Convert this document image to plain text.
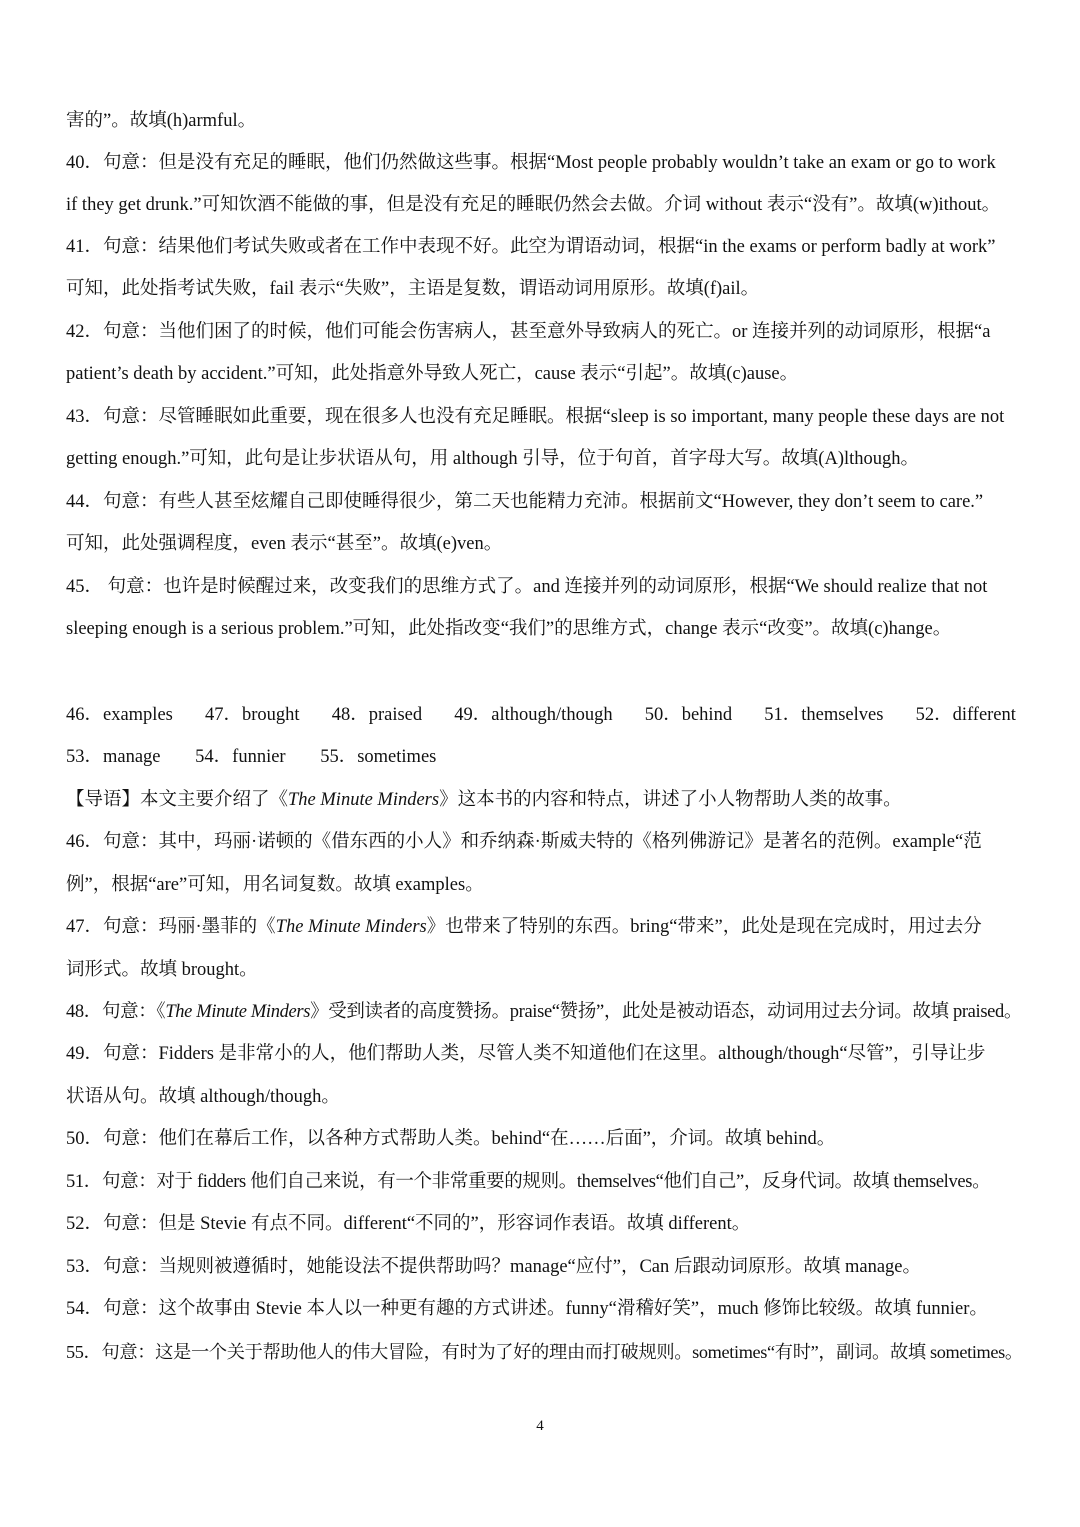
害的”。故填(h)armful。
40．句意：但是没有充足的睡眠，他们仍然做这些事。根据“Most people probably wouldn’t take an exam or go to work
if they get drunk.”可知饮酒不能做的事，但是没有充足的睡眠仍然会去做。介词 without 表示“没有”。故填(w)ithout。
41．句意：结果他们考试失败或者在工作中表现不好。此空为谓语动词，根据“in the exams or perform badly at work”
可知，此处指考试失败，fail 表示“失败”，主语是复数，谓语动词用原形。故填(f)ail。
42．句意：当他们困了的时候，他们可能会伤害病人，甚至意外导致病人的死亡。or 连接并列的动词原形，根据“a
patient’s death by accident.”可知，此处指意外导致人死亡，cause 表示“引起”。故填(c)ause。
43．句意：尽管睡眠如此重要，现在很多人也没有充足睡眠。根据“sleep is so important, many people these days are not
getting enough.”可知，此句是让步状语从句，用 although 引导，位于句首，首字母大写。故填(A)lthough。
44．句意：有些人甚至炫耀自己即使睡得很少，第二天也能精力充沛。根据前文“However, they don’t seem to care.”
可知，此处强调程度，even 表示“甚至”。故填(e)ven。
45． 句意：也许是时候醒过来，改变我们的思维方式了。and 连接并列的动词原形，根据“We should realize that not
sleeping enough is a serious problem.”可知，此处指改变“我们”的思维方式，change 表示“改变”。故填(c)hange。
46．examples 47．brought 48．praised 49．although/though 50．behind 51．themselves 52．different
53．manage 54．funnier 55．sometimes
【导语】本文主要介绍了《The Minute Minders》这本书的内容和特点，讲述了小人物帮助人类的故事。
46．句意：其中，玛丽·诺顿的《借东西的小人》和乔纳森·斯威夫特的《格列佛游记》是著名的范例。example“范
例”，根据“are”可知，用名词复数。故填 examples。
47．句意：玛丽·墨菲的《The Minute Minders》也带来了特别的东西。bring“带来”，此处是现在完成时，用过去分
词形式。故填 brought。
48．句意：《The Minute Minders》受到读者的高度赞扬。praise“赞扬”，此处是被动语态，动词用过去分词。故填 praised。
49．句意：Fidders 是非常小的人，他们帮助人类，尽管人类不知道他们在这里。although/though“尽管”，引导让步
状语从句。故填 although/though。
50．句意：他们在幕后工作，以各种方式帮助人类。behind“在……后面”，介词。故填 behind。
51．句意：对于 fidders 他们自己来说，有一个非常重要的规则。themselves“他们自己”，反身代词。故填 themselves。
52．句意：但是 Stevie 有点不同。different“不同的”，形容词作表语。故填 different。
53．句意：当规则被遵循时，她能设法不提供帮助吗？manage“应付”，Can 后跟动词原形。故填 manage。
54．句意：这个故事由 Stevie 本人以一种更有趣的方式讲述。funny“滑稽好笑”，much 修饰比较级。故填 funnier。
55．句意：这是一个关于帮助他人的伟大冒险，有时为了好的理由而打破规则。sometimes“有时”，副词。故填 sometimes。
4
